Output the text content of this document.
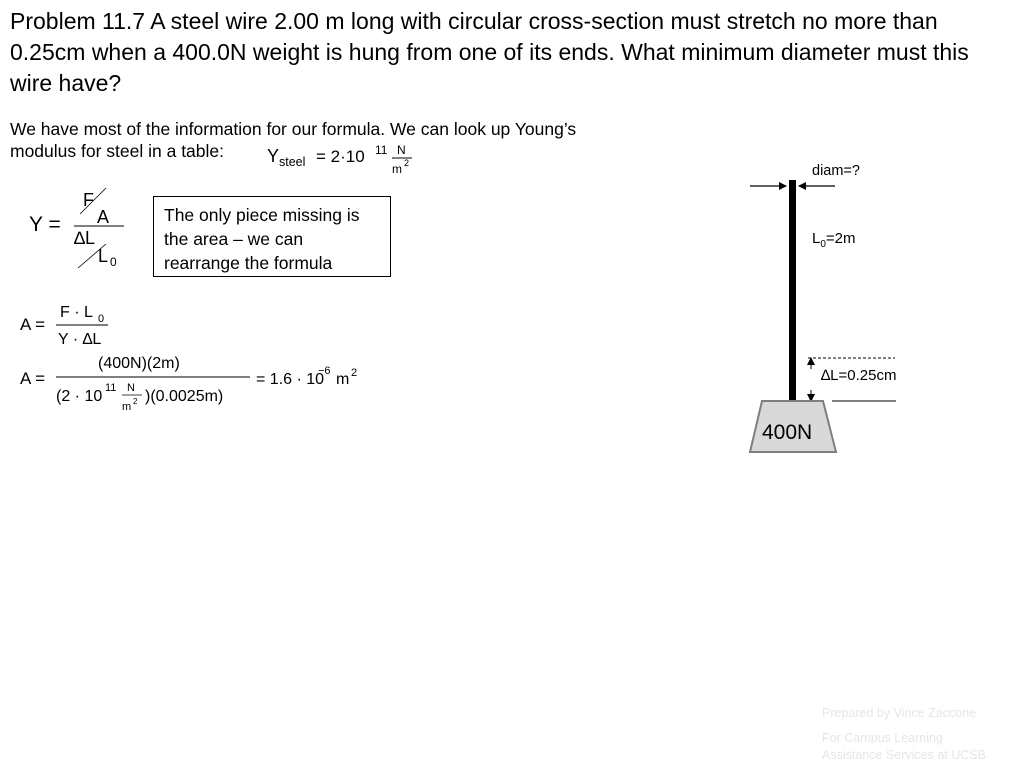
Problem 11.7 A steel wire 2.00 m long with circular cross-section must stretch no more than 0.25cm when a 400.0N weight is hung from one of its ends. What minimum diameter must this wire have?
We have most of the information for our formula. We can look up Young’s
modulus for steel in a table:	Y steel = 2·10 11 N
m 2
Y =
F
A
∆L
L 0
The only piece missing is the area – we can rearrange the formula
A =
F · L 0
Y · ∆L
A =
(400N)(2m)
(2 · 10 11 N
m 2 )(0.0025m)
= 1.6 · 10
−6 m 2
diam=?
$L_0=2m$
∆L=0.25cm
400N
Prepared by Vince Zaccone
For Campus Learning
Assistance Services at UCSB
